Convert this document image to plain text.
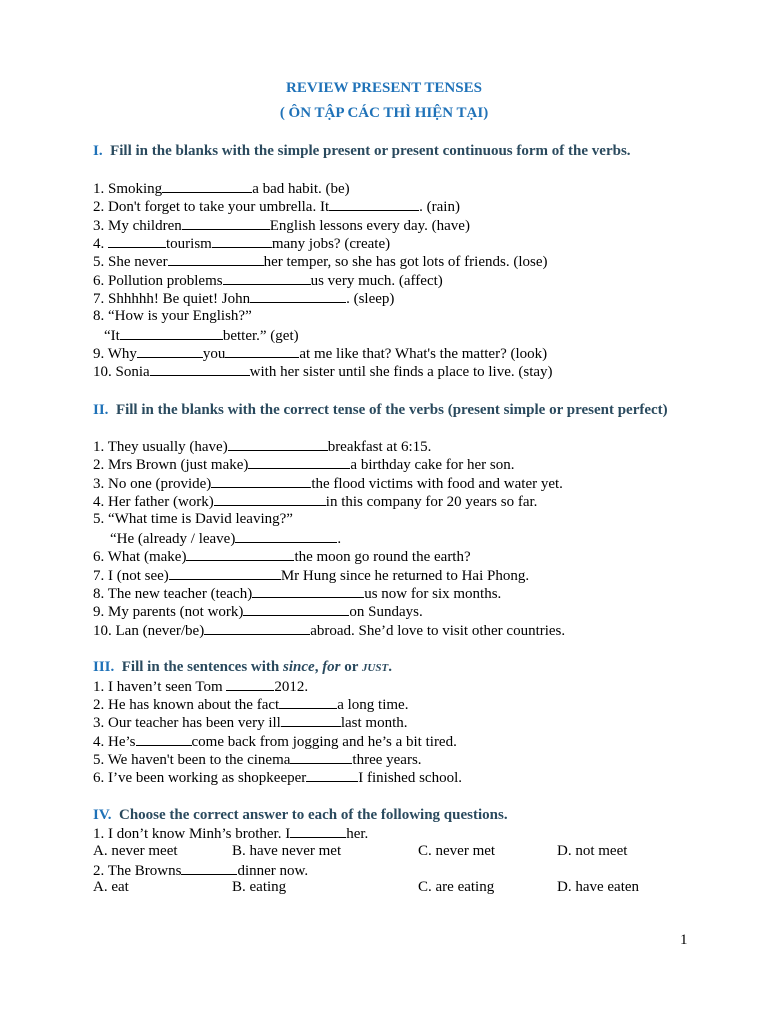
REVIEW PRESENT TENSES
( ÔN TẬP CÁC THÌ HIỆN TẠI)
I. Fill in the blanks with the simple present or present continuous form of the verbs.
1. Smoking	a bad habit. (be)
2. Don't forget to take your umbrella. It	. (rain)
3. My children	English lessons every day. (have)
4.	tourism	many jobs? (create)
5. She never	her temper, so she has got lots of friends. (lose)
6. Pollution problems	us very much. (affect)
7. Shhhhh! Be quiet! John	. (sleep)
8. “How is your English?”
“It	better.” (get)
9. Why	you	at me like that? What's the matter? (look)
10. Sonia	with her sister until she finds a place to live. (stay)
II. Fill in the blanks with the correct tense of the verbs (present simple or present perfect)
1. They usually (have)	breakfast at 6:15.
2. Mrs Brown (just make)	a birthday cake for her son.
3. No one (provide)	the flood victims with food and water yet.
4. Her father (work)	in this company for 20 years so far.
5. “What time is David leaving?”
“He (already / leave)	.
6. What (make)	the moon go round the earth?
7. I (not see)	Mr Hung since he returned to Hai Phong.
8. The new teacher (teach)	us now for six months.
9. My parents (not work)	on Sundays.
10. Lan (never/be)	abroad. She’d love to visit other countries.
III. Fill in the sentences with since, for or just.
1. I haven’t seen Tom	2012.
2. He has known about the fact	a long time.
3. Our teacher has been very ill	last month.
4. He’s	come back from jogging and he’s a bit tired.
5. We haven't been to the cinema	three years.
6. I’ve been working as shopkeeper	I finished school.
IV. Choose the correct answer to each of the following questions.
1. I don’t know Minh’s brother. I	her.
A. never meet	B. have never met	C. never met	D. not meet
2. The Browns	dinner now.
A. eat	B. eating	C. are eating	D. have eaten
1
